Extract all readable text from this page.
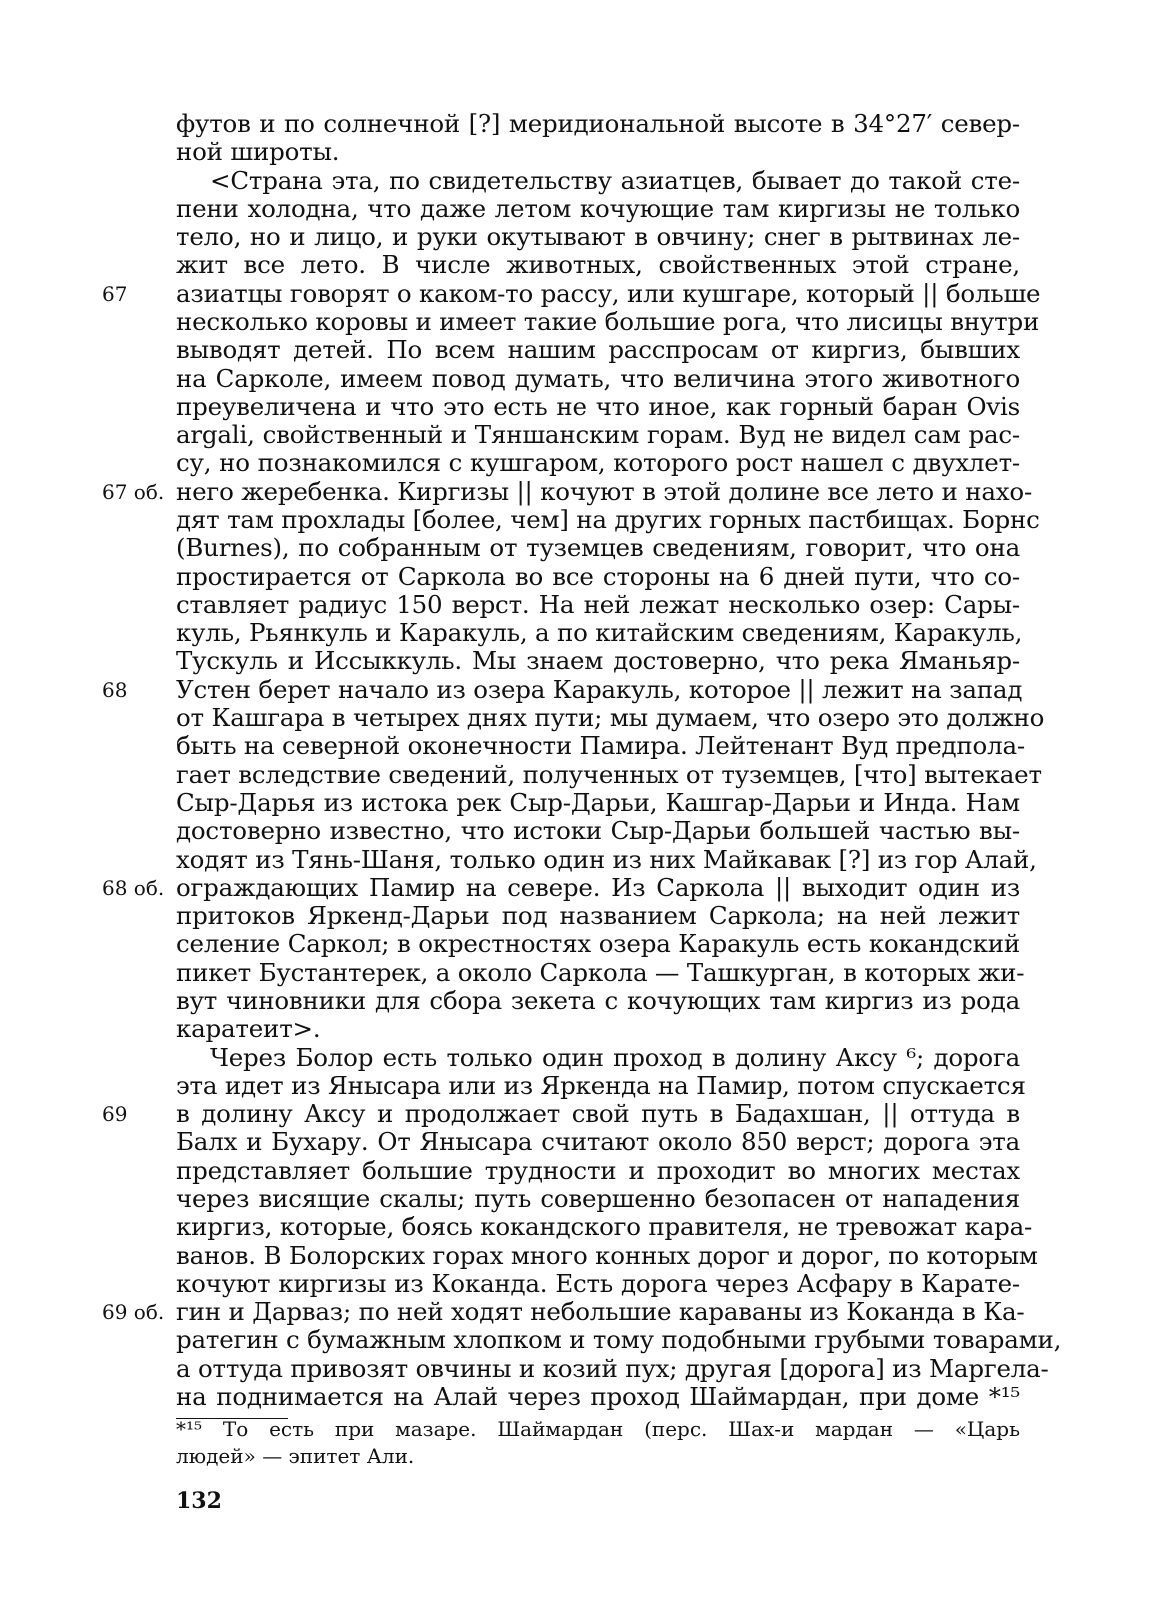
футов и по солнечной [?] меридиональной высоте в 34°27′ север-
ной широты.
<Страна эта, по свидетельству азиатцев, бывает до такой сте-
пени холодна, что даже летом кочующие там киргизы не только
тело, но и лицо, и руки окутывают в овчину; снег в рытвинах ле-
жит все лето. В числе животных, свойственных этой стране,
азиатцы говорят о каком-то рассу, или кушгаре, который || больше
несколько коровы и имеет такие большие рога, что лисицы внутри
выводят детей. По всем нашим расспросам от киргиз, бывших
на Сарколе, имеем повод думать, что величина этого животного
преувеличена и что это есть не что иное, как горный баран Ovis
argali, свойственный и Тяншанским горам. Вуд не видел сам рас-
су, но познакомился с кушгаром, которого рост нашел с двухлет-
него жеребенка. Киргизы || кочуют в этой долине все лето и нахо-
дят там прохлады [более, чем] на других горных пастбищах. Борнс
(Burnes), по собранным от туземцев сведениям, говорит, что она
простирается от Саркола во все стороны на 6 дней пути, что со-
ставляет радиус 150 верст. На ней лежат несколько озер: Сары-
куль, Рьянкуль и Каракуль, а по китайским сведениям, Каракуль,
Тускуль и Иссыккуль. Мы знаем достоверно, что река Яманьяр-
Устен берет начало из озера Каракуль, которое || лежит на запад
от Кашгара в четырех днях пути; мы думаем, что озеро это должно
быть на северной оконечности Памира. Лейтенант Вуд предпола-
гает вследствие сведений, полученных от туземцев, [что] вытекает
Сыр-Дарья из истока рек Сыр-Дарьи, Кашгар-Дарьи и Инда. Нам
достоверно известно, что истоки Сыр-Дарьи большей частью вы-
ходят из Тянь-Шаня, только один из них Майкавак [?] из гор Алай,
ограждающих Памир на севере. Из Саркола || выходит один из
притоков Яркенд-Дарьи под названием Саркола; на ней лежит
селение Саркол; в окрестностях озера Каракуль есть кокандский
пикет Бустантерек, а около Саркола — Ташкурган, в которых жи-
вут чиновники для сбора зекета с кочующих там киргиз из рода
каратеит>.
Через Болор есть только один проход в долину Аксу ⁶; дорога
эта идет из Янысара или из Яркенда на Памир, потом спускается
в долину Аксу и продолжает свой путь в Бадахшан, || оттуда в
Балх и Бухару. От Янысара считают около 850 верст; дорога эта
представляет большие трудности и проходит во многих местах
через висящие скалы; путь совершенно безопасен от нападения
киргиз, которые, боясь кокандского правителя, не тревожат кара-
ванов. В Болорских горах много конных дорог и дорог, по которым
кочуют киргизы из Коканда. Есть дорога через Асфару в Карате-
гин и Дарваз; по ней ходят небольшие караваны из Коканда в Ка-
ратегин с бумажным хлопком и тому подобными грубыми товарами,
а оттуда привозят овчины и козий пух; другая [дорога] из Маргела-
на поднимается на Алай через проход Шаймардан, при доме *¹⁵
67
67 об.
68
68 об.
69
69 об.
*¹⁵ То есть при мазаре. Шаймардан (перс. Шах-и мардан — «Царь
людей» — эпитет Али.
132
